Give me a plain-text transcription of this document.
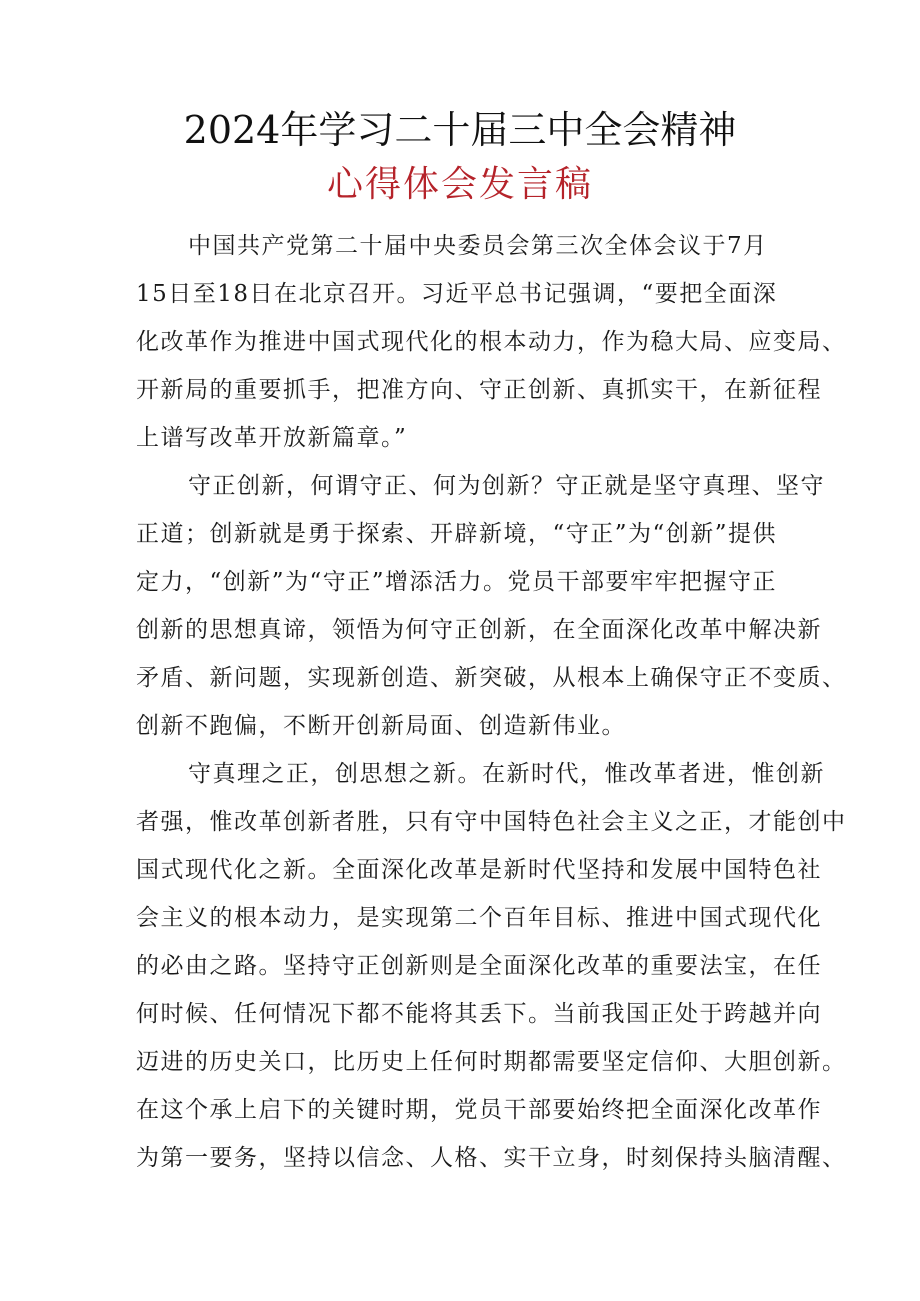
2024年学习二十届三中全会精神
心得体会发言稿

中国共产党第二十届中央委员会第三次全体会议于7月
15日至18日在北京召开。习近平总书记强调，“要把全面深
化改革作为推进中国式现代化的根本动力，作为稳大局、应变局、
开新局的重要抓手，把准方向、守正创新、真抓实干，在新征程
上谱写改革开放新篇章。”

守正创新，何谓守正、何为创新？守正就是坚守真理、坚守
正道；创新就是勇于探索、开辟新境，“守正”为“创新”提供
定力，“创新”为“守正”增添活力。党员干部要牢牢把握守正
创新的思想真谛，领悟为何守正创新，在全面深化改革中解决新
矛盾、新问题，实现新创造、新突破，从根本上确保守正不变质、
创新不跑偏，不断开创新局面、创造新伟业。

守真理之正，创思想之新。在新时代，惟改革者进，惟创新
者强，惟改革创新者胜，只有守中国特色社会主义之正，才能创中
国式现代化之新。全面深化改革是新时代坚持和发展中国特色社
会主义的根本动力，是实现第二个百年目标、推进中国式现代化
的必由之路。坚持守正创新则是全面深化改革的重要法宝，在任
何时候、任何情况下都不能将其丢下。当前我国正处于跨越并向
迈进的历史关口，比历史上任何时期都需要坚定信仰、大胆创新。
在这个承上启下的关键时期，党员干部要始终把全面深化改革作
为第一要务，坚持以信念、人格、实干立身，时刻保持头脑清醒、
